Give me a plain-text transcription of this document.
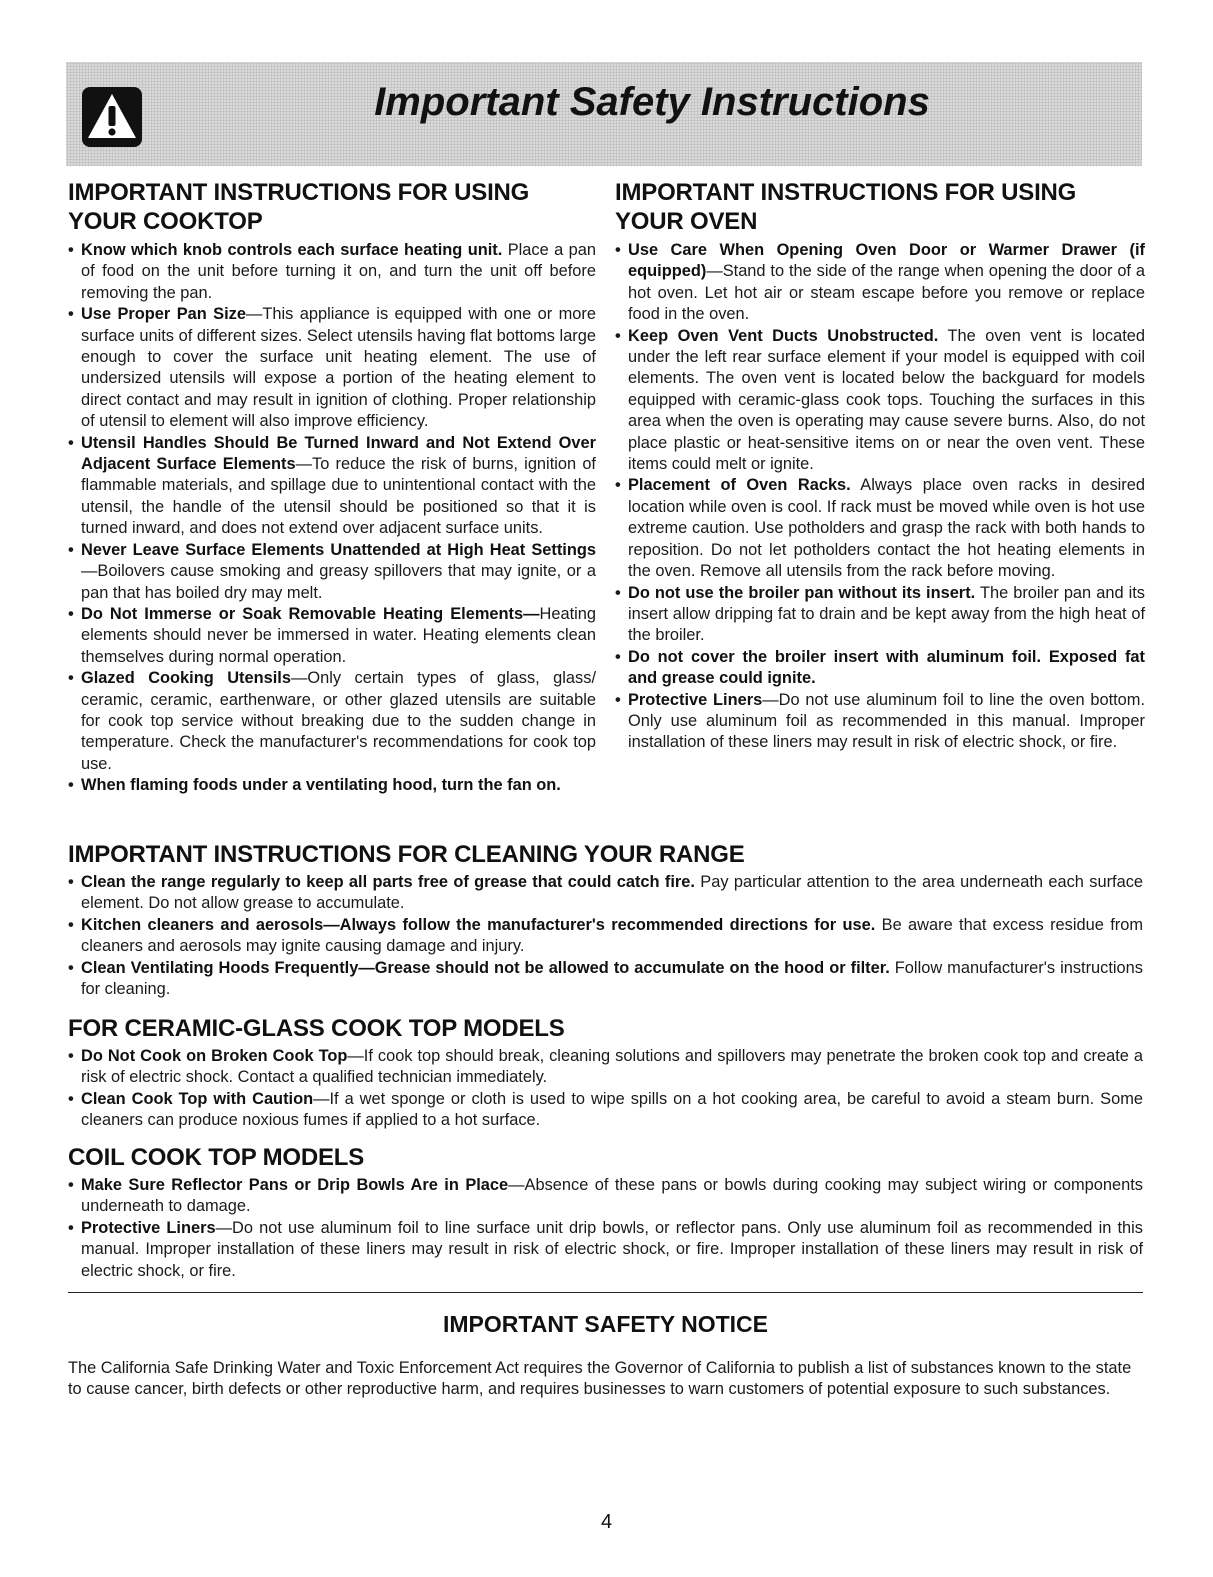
Important Safety Instructions
IMPORTANT INSTRUCTIONS FOR USING YOUR COOKTOP
• Know which knob controls each surface heating unit. Place a pan of food on the unit before turning it on, and turn the unit off before removing the pan.
• Use Proper Pan Size—This appliance is equipped with one or more surface units of different sizes. Select utensils having flat bottoms large enough to cover the surface unit heating element. The use of undersized utensils will expose a portion of the heating element to direct contact and may result in ignition of clothing. Proper relationship of utensil to element will also improve efficiency.
• Utensil Handles Should Be Turned Inward and Not Extend Over Adjacent Surface Elements—To reduce the risk of burns, ignition of flammable materials, and spillage due to unintentional contact with the utensil, the handle of the utensil should be positioned so that it is turned inward, and does not extend over adjacent surface units.
• Never Leave Surface Elements Unattended at High Heat Settings—Boilovers cause smoking and greasy spillovers that may ignite, or a pan that has boiled dry may melt.
• Do Not Immerse or Soak Removable Heating Elements—Heating elements should never be immersed in water. Heating elements clean themselves during normal operation.
• Glazed Cooking Utensils—Only certain types of glass, glass/ ceramic, ceramic, earthenware, or other glazed utensils are suitable for cook top service without breaking due to the sudden change in temperature. Check the manufacturer's recommendations for cook top use.
• When flaming foods under a ventilating hood, turn the fan on.
IMPORTANT INSTRUCTIONS FOR USING YOUR OVEN
• Use Care When Opening Oven Door or Warmer Drawer (if equipped)—Stand to the side of the range when opening the door of a hot oven. Let hot air or steam escape before you remove or replace food in the oven.
• Keep Oven Vent Ducts Unobstructed. The oven vent is located under the left rear surface element if your model is equipped with coil elements. The oven vent is located below the backguard for models equipped with ceramic-glass cook tops. Touching the surfaces in this area when the oven is operating may cause severe burns. Also, do not place plastic or heat-sensitive items on or near the oven vent. These items could melt or ignite.
• Placement of Oven Racks. Always place oven racks in desired location while oven is cool. If rack must be moved while oven is hot use extreme caution. Use potholders and grasp the rack with both hands to reposition. Do not let potholders contact the hot heating elements in the oven. Remove all utensils from the rack before moving.
• Do not use the broiler pan without its insert. The broiler pan and its insert allow dripping fat to drain and be kept away from the high heat of the broiler.
• Do not cover the broiler insert with aluminum foil. Exposed fat and grease could ignite.
• Protective Liners—Do not use aluminum foil to line the oven bottom. Only use aluminum foil as recommended in this manual. Improper installation of these liners may result in risk of electric shock, or fire.
IMPORTANT INSTRUCTIONS FOR CLEANING YOUR RANGE
• Clean the range regularly to keep all parts free of grease that could catch fire. Pay particular attention to the area underneath each surface element. Do not allow grease to accumulate.
• Kitchen cleaners and aerosols—Always follow the manufacturer's recommended directions for use. Be aware that excess residue from cleaners and aerosols may ignite causing damage and injury.
• Clean Ventilating Hoods Frequently—Grease should not be allowed to accumulate on the hood or filter. Follow manufacturer's instructions for cleaning.
FOR CERAMIC-GLASS COOK TOP MODELS
• Do Not Cook on Broken Cook Top—If cook top should break, cleaning solutions and spillovers may penetrate the broken cook top and create a risk of electric shock. Contact a qualified technician immediately.
• Clean Cook Top with Caution—If a wet sponge or cloth is used to wipe spills on a hot cooking area, be careful to avoid a steam burn. Some cleaners can produce noxious fumes if applied to a hot surface.
COIL COOK TOP MODELS
• Make Sure Reflector Pans or Drip Bowls Are in Place—Absence of these pans or bowls during cooking may subject wiring or components underneath to damage.
• Protective Liners—Do not use aluminum foil to line surface unit drip bowls, or reflector pans. Only use aluminum foil as recommended in this manual. Improper installation of these liners may result in risk of electric shock, or fire. Improper installation of these liners may result in risk of electric shock, or fire.
IMPORTANT SAFETY NOTICE

The California Safe Drinking Water and Toxic Enforcement Act requires the Governor of California to publish a list of substances known to the state to cause cancer, birth defects or other reproductive harm, and requires businesses to warn customers of potential exposure to such substances.

4
